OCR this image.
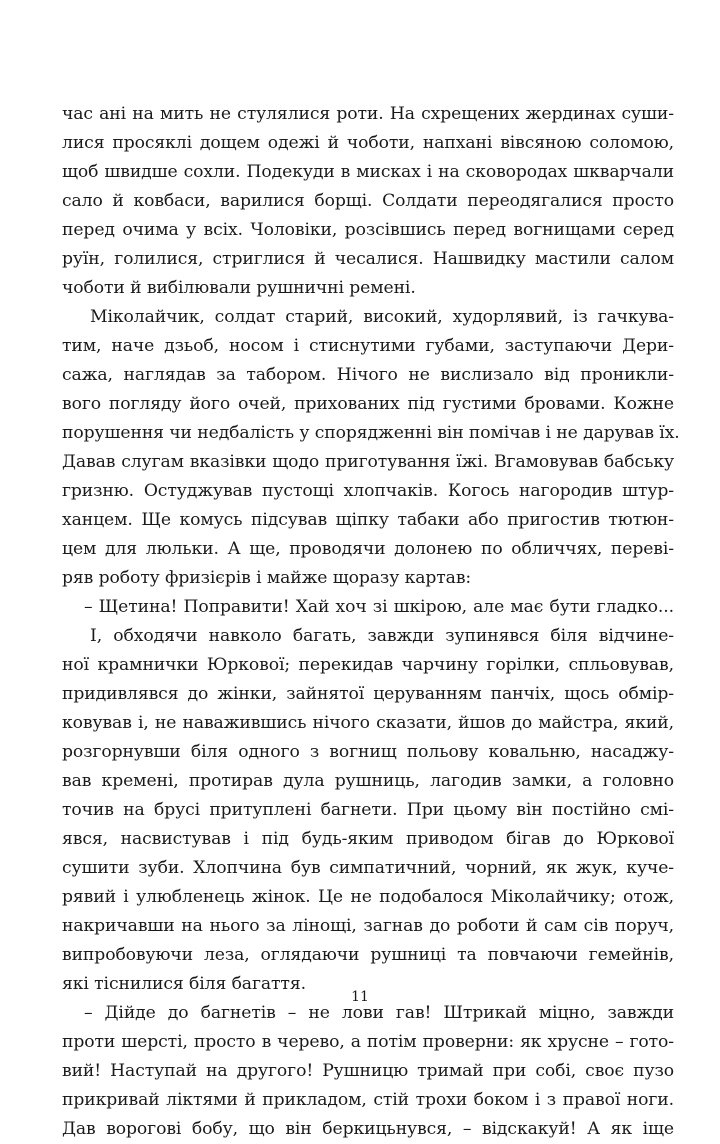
час ані на мить не стулялися роти. На схрещених жердинах суши-
лися просяклі дощем одежі й чоботи, напхані вівсяною соломою,
щоб швидше сохли. Подекуди в мисках і на сковородах шкварчали
сало й ковбаси, варилися борщі. Солдати переодягалися просто
перед очима у всіх. Чоловіки, розсівшись перед вогнищами серед
руїн, голилися, стриглися й чесалися. Нашвидку мастили салом
чоботи й вибілювали рушничні ремені.
Міколайчик, солдат старий, високий, худорлявий, із гачкува-
тим, наче дзьоб, носом і стиснутими губами, заступаючи Дери-
сажа, наглядав за табором. Нічого не вислизало від проникли-
вого погляду його очей, прихованих під густими бровами. Кожне
порушення чи недбалість у спорядженні він помічав і не дарував їх.
Давав слугам вказівки щодо приготування їжі. Вгамовував бабську
гризню. Остуджував пустощі хлопчаків. Когось нагородив штур-
ханцем. Ще комусь підсував щіпку табаки або пригостив тютюн-
цем для люльки. А ще, проводячи долонею по обличчях, переві-
ряв роботу фризієрів і майже щоразу картав:
– Щетина! Поправити! Хай хоч зі шкірою, але має бути гладко...
І, обходячи навколо багать, завжди зупинявся біля відчине-
ної крамнички Юркової; перекидав чарчину горілки, спльовував,
придивлявся до жінки, зайнятої церуванням панчіх, щось обмір-
ковував і, не наважившись нічого сказати, йшов до майстра, який,
розгорнувши біля одного з вогнищ польову ковальню, насаджу-
вав кремені, протирав дула рушниць, лагодив замки, а головно
точив на брусі притуплені багнети. При цьому він постійно смі-
явся, насвистував і під будь-яким приводом бігав до Юркової
сушити зуби. Хлопчина був симпатичний, чорний, як жук, куче-
рявий і улюбленець жінок. Це не подобалося Міколайчику; отож,
накричавши на нього за лінощі, загнав до роботи й сам сів поруч,
випробовуючи леза, оглядаючи рушниці та повчаючи гемейнів,
які тіснилися біля багаття.
– Дійде до багнетів – не лови гав! Штрикай міцно, завжди
проти шерсті, просто в черево, а потім проверни: як хрусне – гото-
вий! Наступай на другого! Рушницю тримай при собі, своє пузо
прикривай ліктями й прикладом, стій трохи боком і з правої ноги.
Дав ворогові бобу, що він беркицьнувся, – відскакуй! А як іще
11
